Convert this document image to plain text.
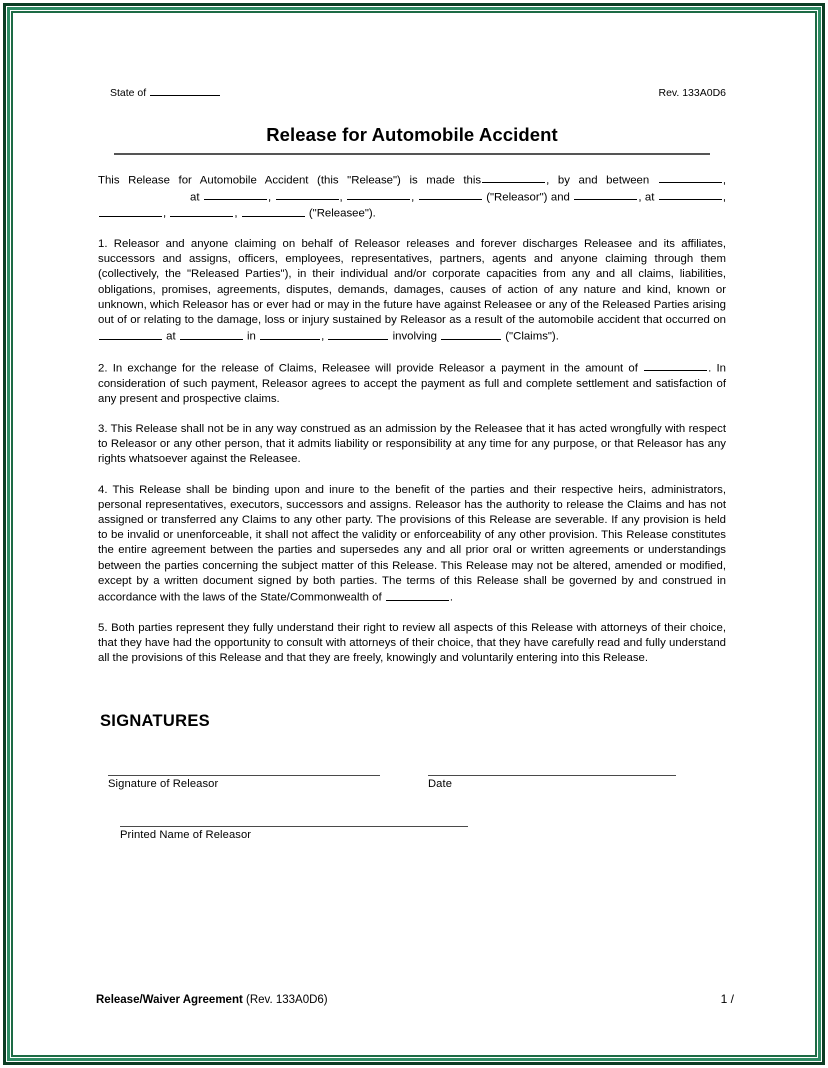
State of	Rev. 133A0D6
Release for Automobile Accident

This Release for Automobile Accident (this "Release") is made this	, by and between	,at	,	,	,	("Releasor") and	, at	, ,	,	("Releasee").

1. Releasor and anyone claiming on behalf of Releasor releases and forever discharges Releasee and its affiliates, successors and assigns, officers, employees, representatives, partners, agents and anyone claiming through them (collectively, the "Released Parties"), in their individual and/or corporate capacities from any and all claims, liabilities, obligations, promises, agreements, disputes, demands, damages, causes of action of any nature and kind, known or unknown, which Releasor has or ever had or may in the future have against Releasee or any of the Released Parties arising out of or relating to the damage, loss or injury sustained by Releasor as a result of the automobile accident that occurred on  at	in	,	involving	("Claims").

2. In exchange for the release of Claims, Releasee will provide Releasor a payment in the amount of	. In consideration of such payment, Releasor agrees to accept the payment as full and complete settlement and satisfaction of any present and prospective claims.

3. This Release shall not be in any way construed as an admission by the Releasee that it has acted wrongfully with respect to Releasor or any other person, that it admits liability or responsibility at any time for any purpose, or that Releasor has any rights whatsoever against the Releasee.

4. This Release shall be binding upon and inure to the benefit of the parties and their respective heirs, administrators, personal representatives, executors, successors and assigns. Releasor has the authority to release the Claims and has not assigned or transferred any Claims to any other party. The provisions of this Release are severable. If any provision is held to be invalid or unenforceable, it shall not affect the validity or enforceability of any other provision. This Release constitutes the entire agreement between the parties and supersedes any and all prior oral or written agreements or understandings between the parties concerning the subject matter of this Release. This Release may not be altered, amended or modified, except by a written document signed by both parties. The terms of this Release shall be governed by and construed in accordance with the laws of the State/Commonwealth of	.

5. Both parties represent they fully understand their right to review all aspects of this Release with attorneys of their choice, that they have had the opportunity to consult with attorneys of their choice, that they have carefully read and fully understand all the provisions of this Release and that they are freely, knowingly and voluntarily entering into this Release.

SIGNATURES
Signature of Releasor	Date
Printed Name of Releasor
Release/Waiver Agreement (Rev. 133A0D6)	1 /
